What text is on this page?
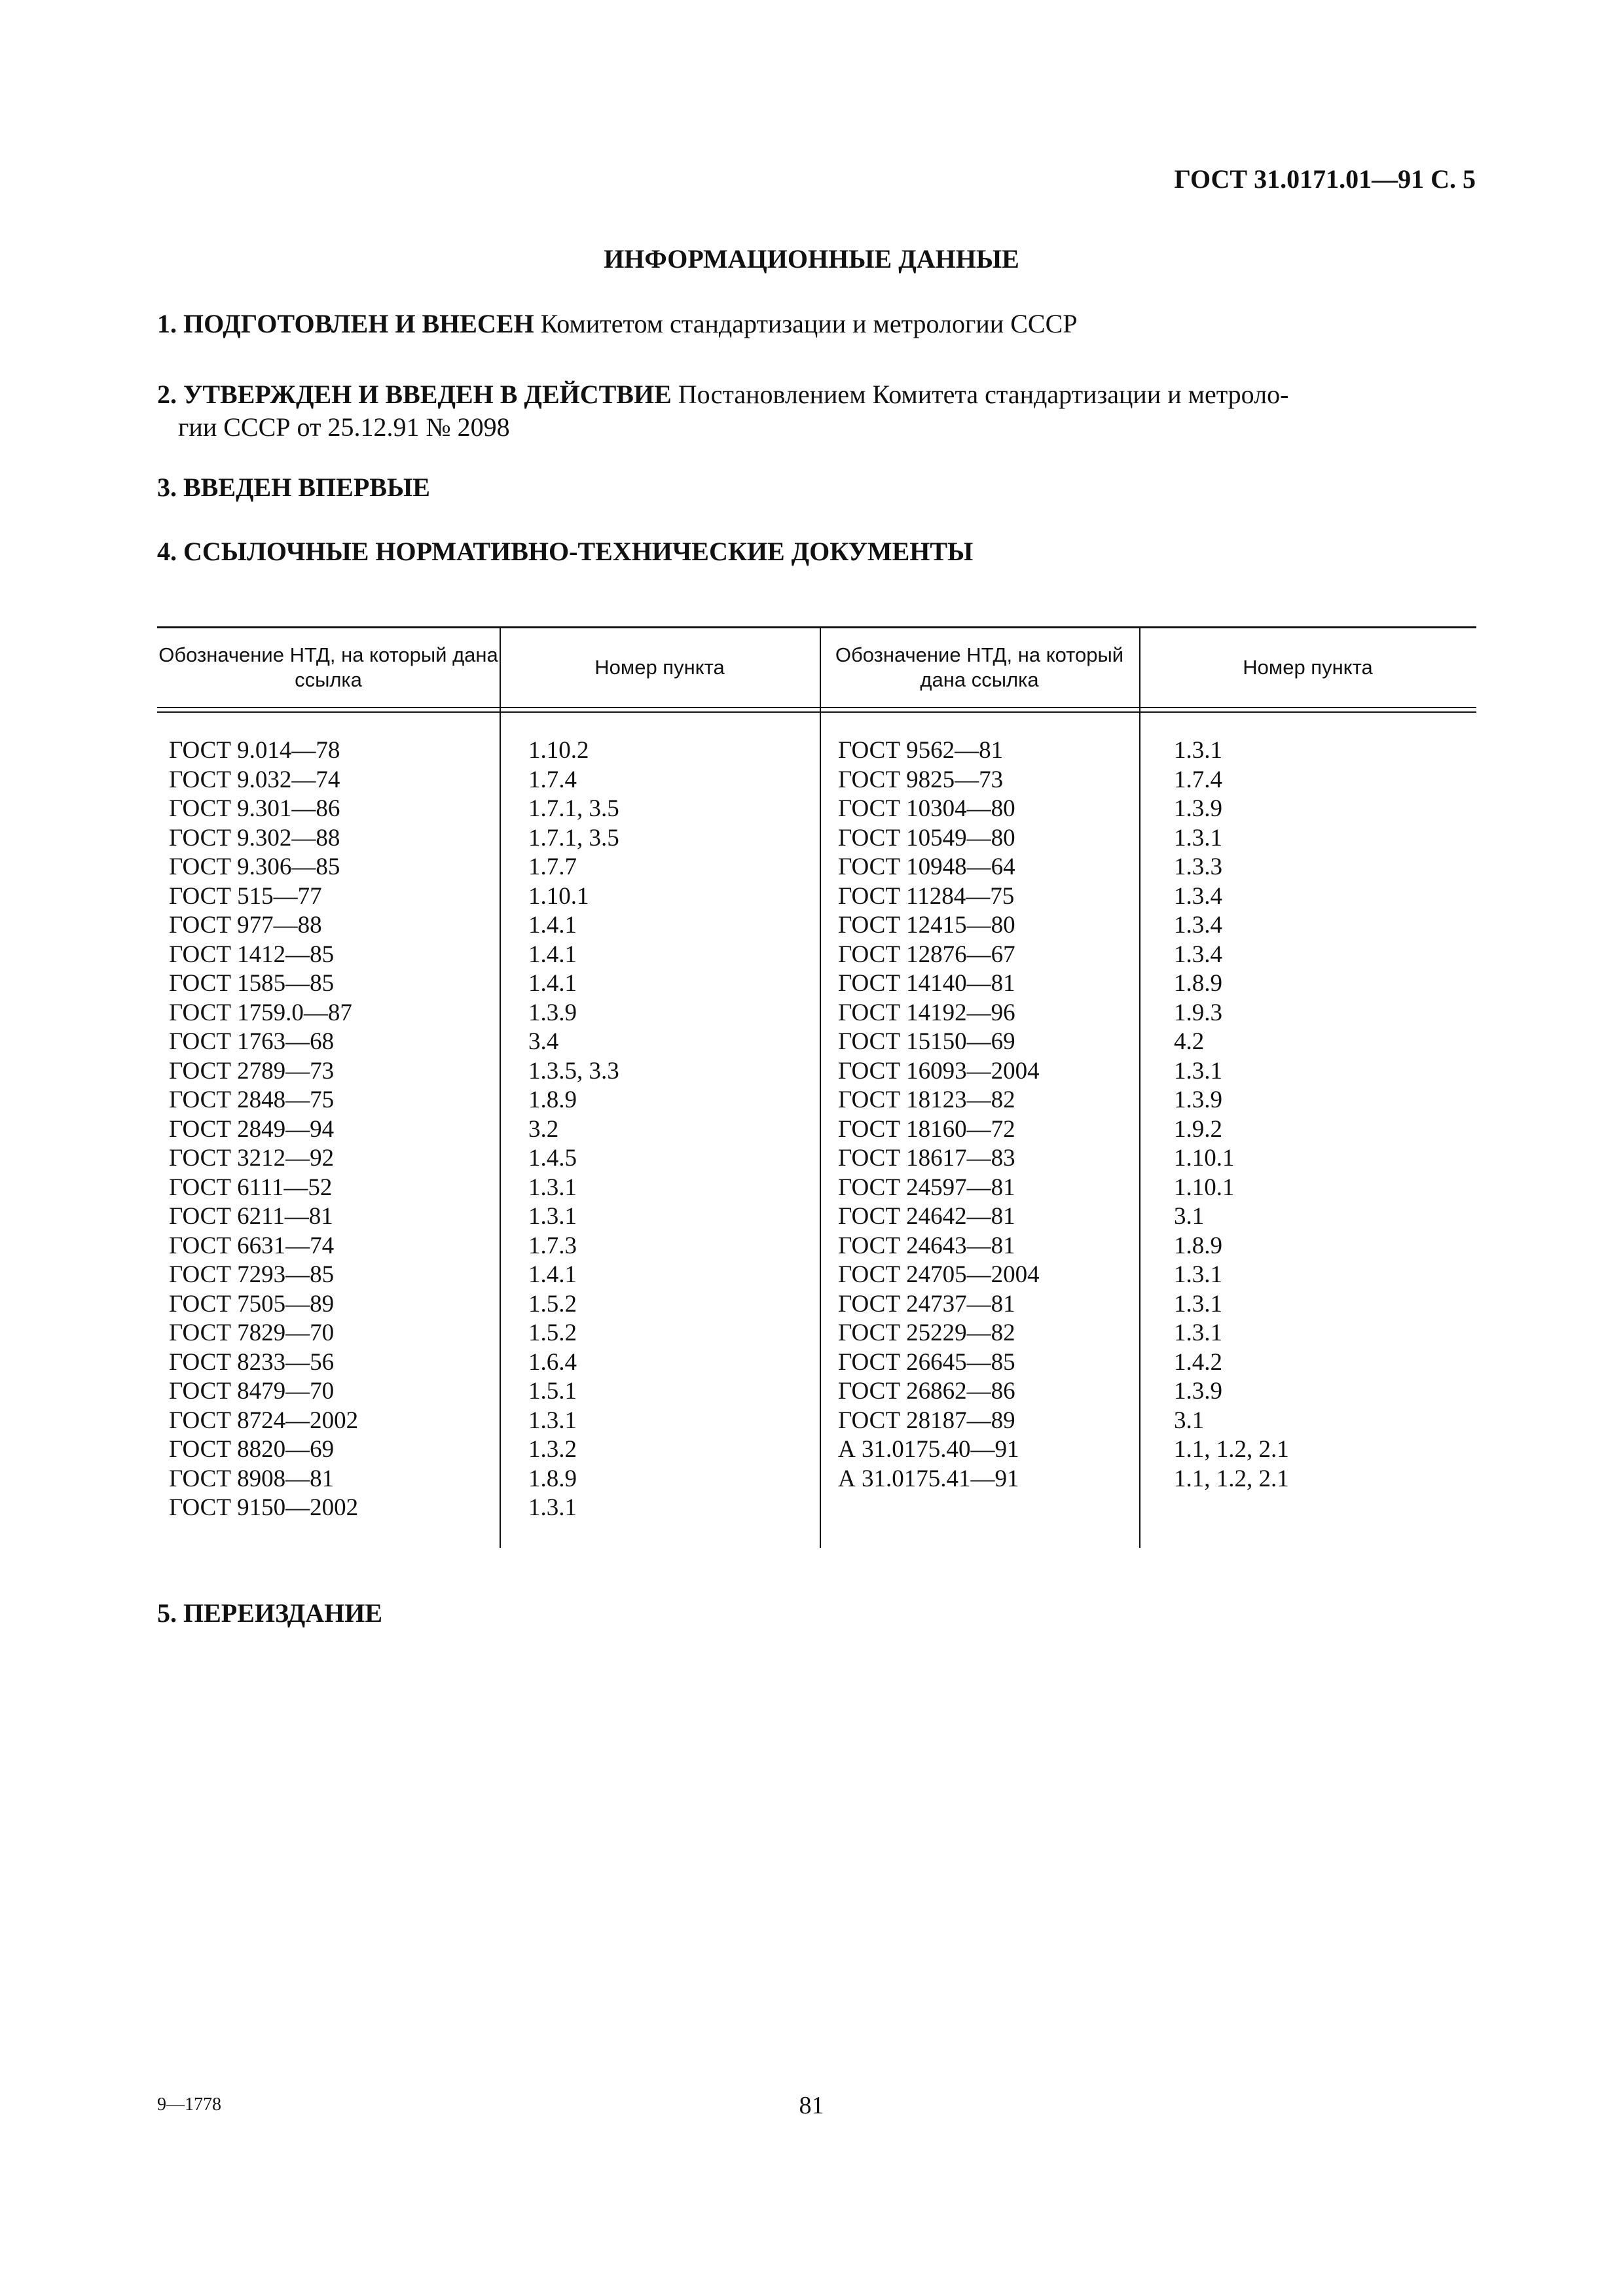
ГОСТ 31.0171.01—91 С. 5
ИНФОРМАЦИОННЫЕ ДАННЫЕ
1. ПОДГОТОВЛЕН И ВНЕСЕН Комитетом стандартизации и метрологии СССР
2. УТВЕРЖДЕН И ВВЕДЕН В ДЕЙСТВИЕ Постановлением Комитета стандартизации и метроло-
гии СССР от 25.12.91 № 2098
3. ВВЕДЕН ВПЕРВЫЕ
4. ССЫЛОЧНЫЕ НОРМАТИВНО-ТЕХНИЧЕСКИЕ ДОКУМЕНТЫ
Обозначение НТД, на который дана ссылка
Номер пункта
Обозначение НТД, на который дана ссылка
Номер пункта
ГОСТ 9.014—78
ГОСТ 9.032—74
ГОСТ 9.301—86
ГОСТ 9.302—88
ГОСТ 9.306—85
ГОСТ 515—77
ГОСТ 977—88
ГОСТ 1412—85
ГОСТ 1585—85
ГОСТ 1759.0—87
ГОСТ 1763—68
ГОСТ 2789—73
ГОСТ 2848—75
ГОСТ 2849—94
ГОСТ 3212—92
ГОСТ 6111—52
ГОСТ 6211—81
ГОСТ 6631—74
ГОСТ 7293—85
ГОСТ 7505—89
ГОСТ 7829—70
ГОСТ 8233—56
ГОСТ 8479—70
ГОСТ 8724—2002
ГОСТ 8820—69
ГОСТ 8908—81
ГОСТ 9150—2002
1.10.2
1.7.4
1.7.1, 3.5
1.7.1, 3.5
1.7.7
1.10.1
1.4.1
1.4.1
1.4.1
1.3.9
3.4
1.3.5, 3.3
1.8.9
3.2
1.4.5
1.3.1
1.3.1
1.7.3
1.4.1
1.5.2
1.5.2
1.6.4
1.5.1
1.3.1
1.3.2
1.8.9
1.3.1
ГОСТ 9562—81
ГОСТ 9825—73
ГОСТ 10304—80
ГОСТ 10549—80
ГОСТ 10948—64
ГОСТ 11284—75
ГОСТ 12415—80
ГОСТ 12876—67
ГОСТ 14140—81
ГОСТ 14192—96
ГОСТ 15150—69
ГОСТ 16093—2004
ГОСТ 18123—82
ГОСТ 18160—72
ГОСТ 18617—83
ГОСТ 24597—81
ГОСТ 24642—81
ГОСТ 24643—81
ГОСТ 24705—2004
ГОСТ 24737—81
ГОСТ 25229—82
ГОСТ 26645—85
ГОСТ 26862—86
ГОСТ 28187—89
А 31.0175.40—91
А 31.0175.41—91
1.3.1
1.7.4
1.3.9
1.3.1
1.3.3
1.3.4
1.3.4
1.3.4
1.8.9
1.9.3
4.2
1.3.1
1.3.9
1.9.2
1.10.1
1.10.1
3.1
1.8.9
1.3.1
1.3.1
1.3.1
1.4.2
1.3.9
3.1
1.1, 1.2, 2.1
1.1, 1.2, 2.1
5. ПЕРЕИЗДАНИЕ
9—1778	81
